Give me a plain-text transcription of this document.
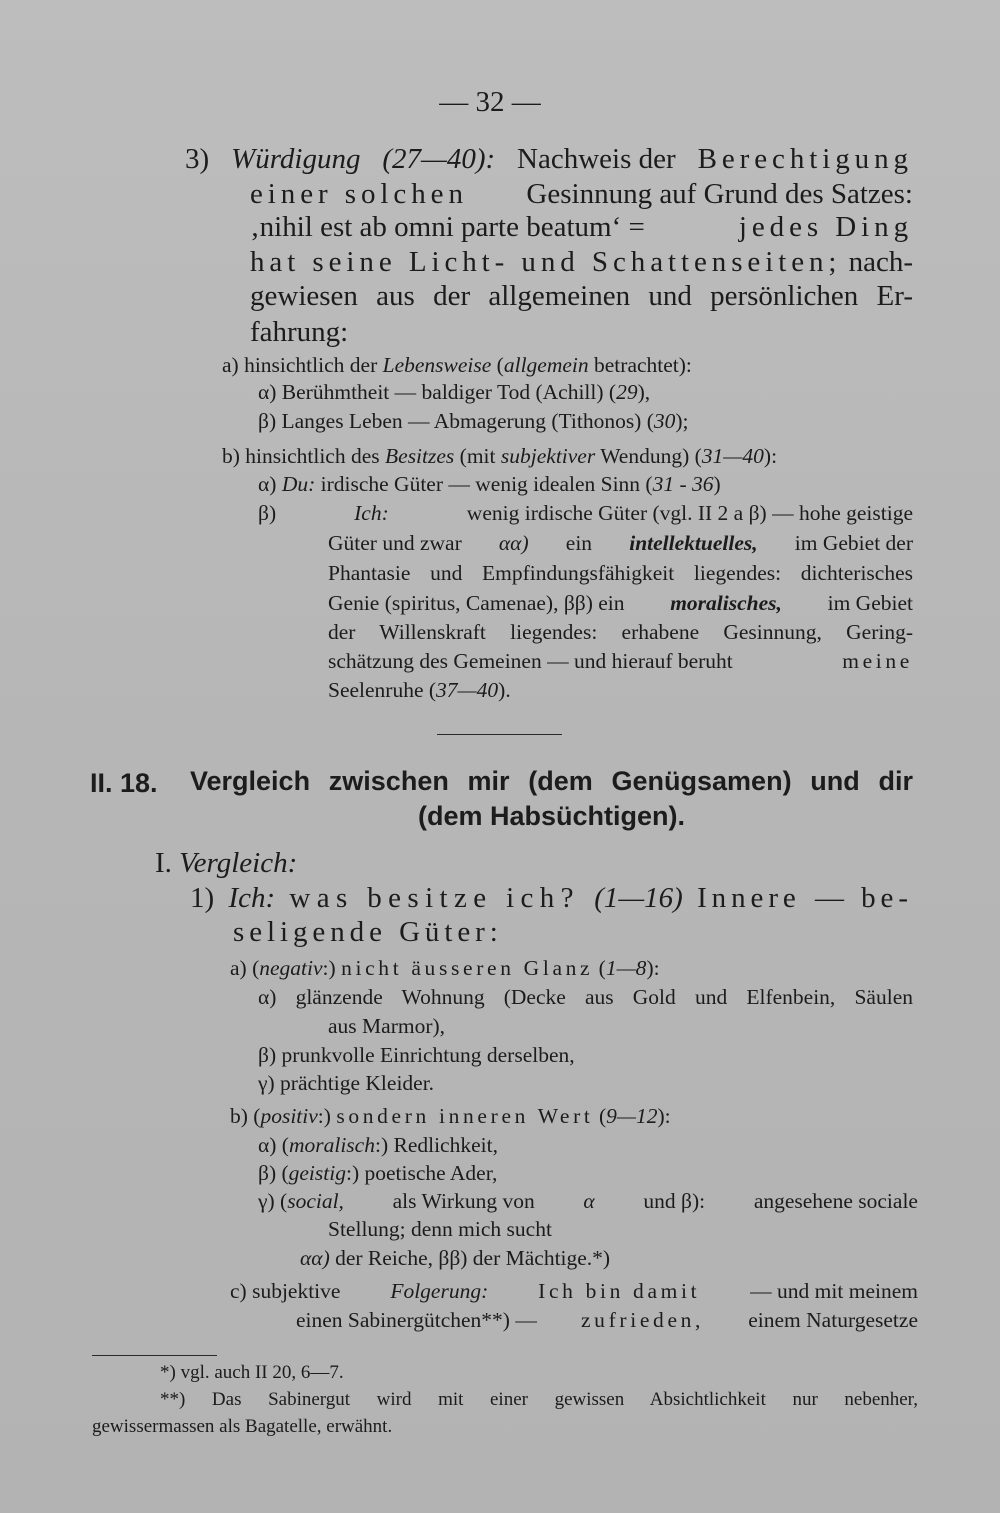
— 32 —
3) Würdigung (27—40): Nachweis der Berechtigung
einer solchen Gesinnung auf Grund des Satzes:
‚nihil est ab omni parte beatum‘ =	jedes Ding
hat seine Licht- und Schattenseiten; nach-
gewiesen aus der allgemeinen und persönlichen Er-
fahrung:
a) hinsichtlich der Lebensweise (allgemein betrachtet):
α) Berühmtheit — baldiger Tod (Achill) (29),
β) Langes Leben — Abmagerung (Tithonos) (30);
b) hinsichtlich des Besitzes (mit subjektiver Wendung) (31—40):
α) Du: irdische Güter — wenig idealen Sinn (31 - 36)
β)	Ich:	wenig irdische Güter (vgl. II 2 a β) — hohe geistige
Güter und zwar αα) ein intellektuelles, im Gebiet der
Phantasie und Empfindungsfähigkeit liegendes: dichterisches
Genie (spiritus, Camenae), ββ) ein moralisches, im Gebiet
der Willenskraft liegendes: erhabene Gesinnung, Gering-
schätzung des Gemeinen — und hierauf beruht	meine
Seelenruhe (37—40).
II. 18. Vergleich zwischen mir (dem Genügsamen) und dir
(dem Habsüchtigen).
I. Vergleich:
1) Ich: was besitze ich? (1—16) Innere — be-
seligende Güter:
a) (negativ:) nicht äusseren Glanz (1—8):
α) glänzende Wohnung (Decke aus Gold und Elfenbein, Säulen
aus Marmor),
β) prunkvolle Einrichtung derselben,
γ) prächtige Kleider.
b) (positiv:) sondern inneren Wert (9—12):
α) (moralisch:) Redlichkeit,
β) (geistig:) poetische Ader,
γ) (social, als Wirkung von α und β): angesehene sociale
Stellung; denn mich sucht
αα) der Reiche, ββ) der Mächtige.*)
c) subjektive Folgerung: Ich bin damit — und mit meinem
einen Sabinergütchen**) — zufrieden, einem Naturgesetze
*) vgl. auch II 20, 6—7.
**) Das Sabinergut wird mit einer gewissen Absichtlichkeit nur nebenher,
gewissermassen als Bagatelle, erwähnt.
